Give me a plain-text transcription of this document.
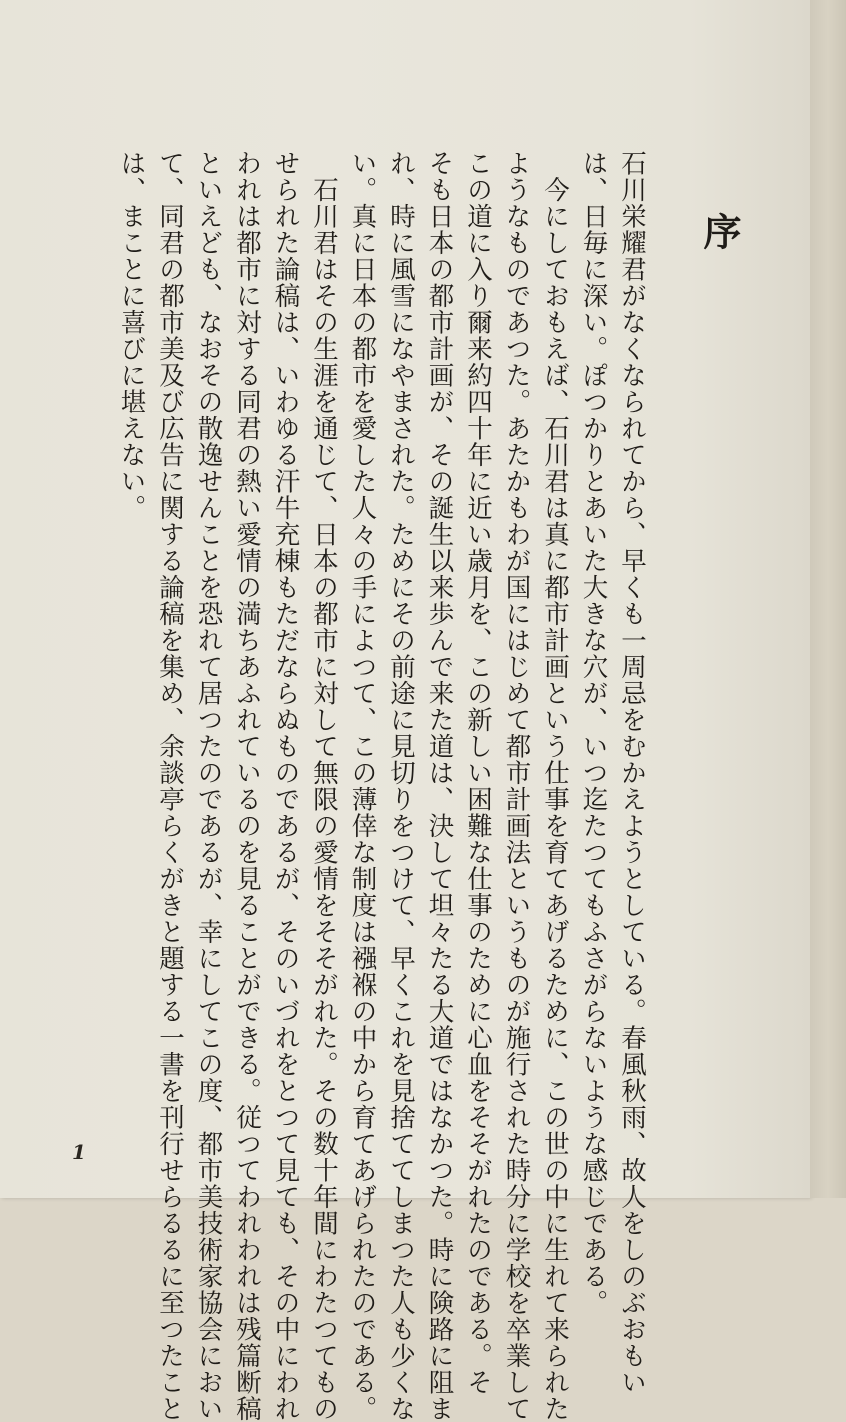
序

石川栄耀君がなくなられてから、早くも一周忌をむかえようとしている。春風秋雨、故人をしのぶおもい
は、日毎に深い。ぽつかりとあいた大きな穴が、いつ迄たつてもふさがらないような感じである。
　今にしておもえば、石川君は真に都市計画という仕事を育てあげるために、この世の中に生れて来られた
ようなものであつた。あたかもわが国にはじめて都市計画法というものが施行された時分に学校を卒業して
この道に入り爾来約四十年に近い歳月を、この新しい困難な仕事のために心血をそそがれたのである。そ
そも日本の都市計画が、その誕生以来歩んで来た道は、決して坦々たる大道ではなかつた。時に険路に阻ま
れ、時に風雪になやまされた。ためにその前途に見切りをつけて、早くこれを見捨ててしまつた人も少くな
い。真に日本の都市を愛した人々の手によつて、この薄倖な制度は襁褓の中から育てあげられたのである。
　石川君はその生涯を通じて、日本の都市に対して無限の愛情をそそがれた。その数十年間にわたつてもの
せられた論稿は、いわゆる汗牛充棟もただならぬものであるが、そのいづれをとつて見ても、その中にわれ
われは都市に対する同君の熱い愛情の満ちあふれているのを見ることができる。従つてわれわれは残篇断稿
といえども、なおその散逸せんことを恐れて居つたのであるが、幸にしてこの度、都市美技術家協会におい
て、同君の都市美及び広告に関する論稿を集め、余談亭らくがきと題する一書を刊行せらるるに至つたこと
は、まことに喜びに堪えない。

1
